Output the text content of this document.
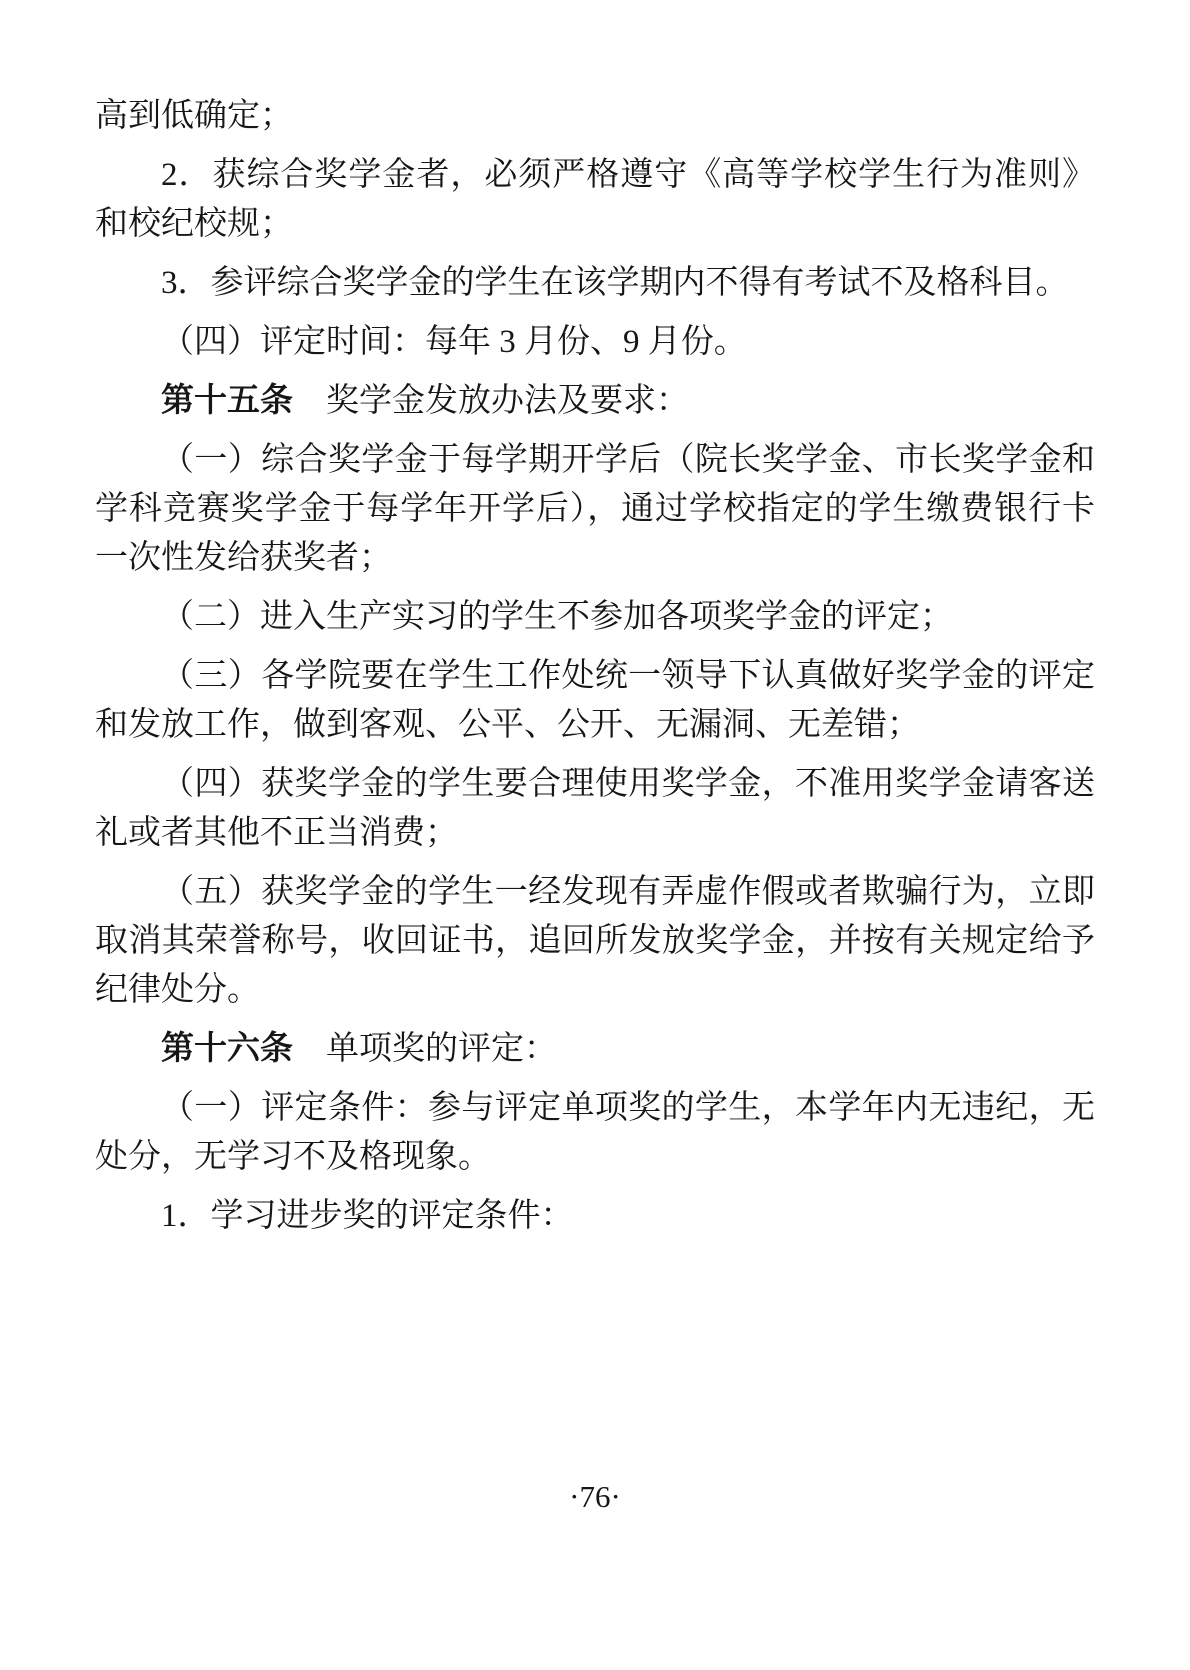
高到低确定；

2．获综合奖学金者，必须严格遵守《高等学校学生行为准则》和校纪校规；

3．参评综合奖学金的学生在该学期内不得有考试不及格科目。

（四）评定时间：每年 3 月份、9 月份。

第十五条　奖学金发放办法及要求：

（一）综合奖学金于每学期开学后（院长奖学金、市长奖学金和学科竞赛奖学金于每学年开学后），通过学校指定的学生缴费银行卡一次性发给获奖者；

（二）进入生产实习的学生不参加各项奖学金的评定；

（三）各学院要在学生工作处统一领导下认真做好奖学金的评定和发放工作，做到客观、公平、公开、无漏洞、无差错；

（四）获奖学金的学生要合理使用奖学金，不准用奖学金请客送礼或者其他不正当消费；

（五）获奖学金的学生一经发现有弄虚作假或者欺骗行为，立即取消其荣誉称号，收回证书，追回所发放奖学金，并按有关规定给予纪律处分。

第十六条　单项奖的评定：

（一）评定条件：参与评定单项奖的学生，本学年内无违纪，无处分，无学习不及格现象。

1．学习进步奖的评定条件：

·76·
